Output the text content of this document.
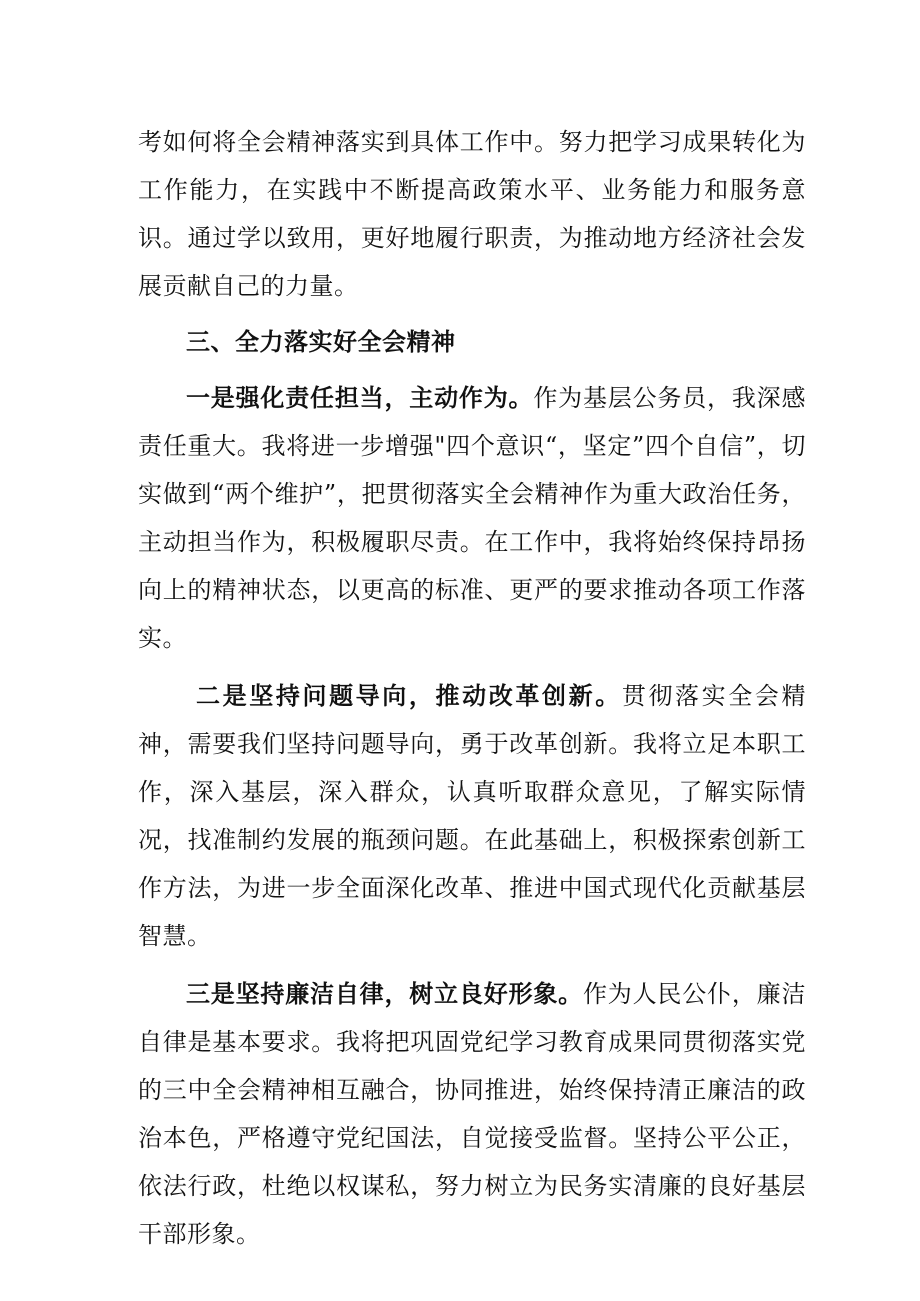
考如何将全会精神落实到具体工作中。努力把学习成果转化为工作能力，在实践中不断提高政策水平、业务能力和服务意识。通过学以致用，更好地履行职责，为推动地方经济社会发展贡献自己的力量。

三、全力落实好全会精神

一是强化责任担当，主动作为。作为基层公务员，我深感责任重大。我将进一步增强"四个意识“，坚定”四个自信”，切实做到“两个维护”，把贯彻落实全会精神作为重大政治任务，主动担当作为，积极履职尽责。在工作中，我将始终保持昂扬向上的精神状态，以更高的标准、更严的要求推动各项工作落实。

二是坚持问题导向，推动改革创新。贯彻落实全会精神，需要我们坚持问题导向，勇于改革创新。我将立足本职工作，深入基层，深入群众，认真听取群众意见，了解实际情况，找准制约发展的瓶颈问题。在此基础上，积极探索创新工作方法，为进一步全面深化改革、推进中国式现代化贡献基层智慧。

三是坚持廉洁自律，树立良好形象。作为人民公仆，廉洁自律是基本要求。我将把巩固党纪学习教育成果同贯彻落实党的三中全会精神相互融合，协同推进，始终保持清正廉洁的政治本色，严格遵守党纪国法，自觉接受监督。坚持公平公正，依法行政，杜绝以权谋私，努力树立为民务实清廉的良好基层干部形象。
